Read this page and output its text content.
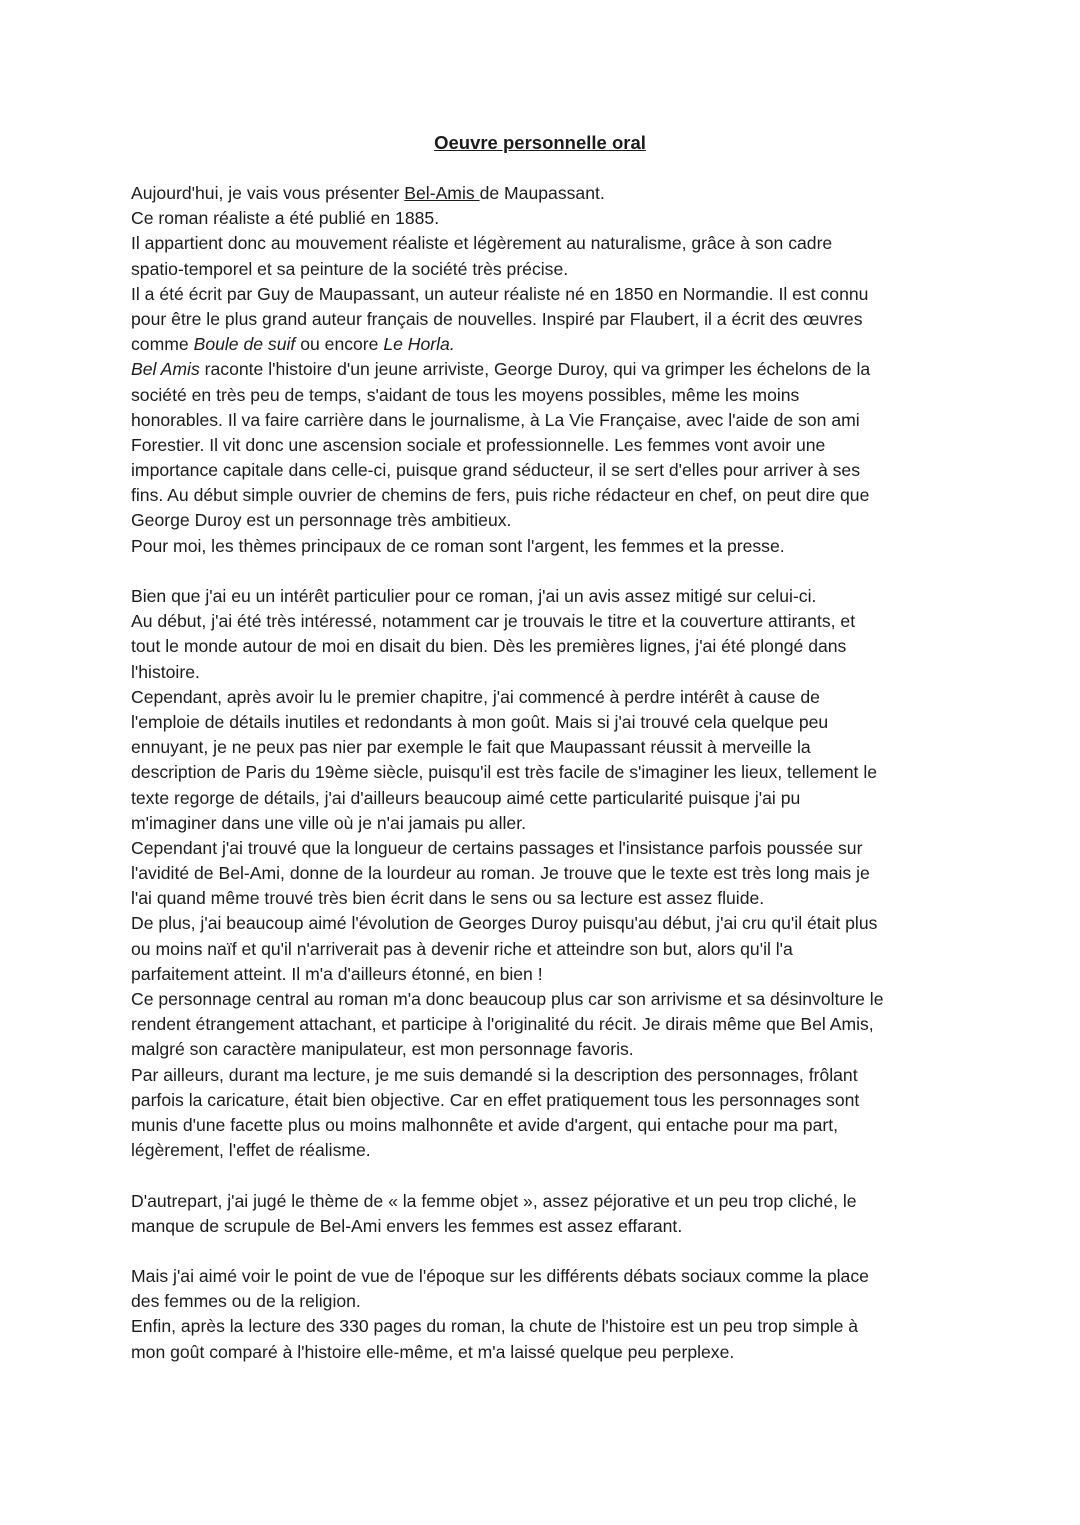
Oeuvre personnelle oral
Aujourd'hui, je vais vous présenter Bel-Amis de Maupassant.
Ce roman réaliste a été publié en 1885.
Il appartient donc au mouvement réaliste et légèrement au naturalisme, grâce à son cadre
spatio-temporel et sa peinture de la société très précise.
Il a été écrit par Guy de Maupassant, un auteur réaliste né en 1850 en Normandie. Il est connu
pour être le plus grand auteur français de nouvelles. Inspiré par Flaubert, il a écrit des œuvres
comme Boule de suif ou encore Le Horla.
Bel Amis raconte l'histoire d'un jeune arriviste, George Duroy, qui va grimper les échelons de la
société en très peu de temps, s'aidant de tous les moyens possibles, même les moins
honorables. Il va faire carrière dans le journalisme, à La Vie Française, avec l'aide de son ami
Forestier. Il vit donc une ascension sociale et professionnelle. Les femmes vont avoir une
importance capitale dans celle-ci, puisque grand séducteur, il se sert d'elles pour arriver à ses
fins. Au début simple ouvrier de chemins de fers, puis riche rédacteur en chef, on peut dire que
George Duroy est un personnage très ambitieux.
Pour moi, les thèmes principaux de ce roman sont l'argent, les femmes et la presse.
Bien que j'ai eu un intérêt particulier pour ce roman, j'ai un avis assez mitigé sur celui-ci.
Au début, j'ai été très intéressé, notamment car je trouvais le titre et la couverture attirants, et
tout le monde autour de moi en disait du bien. Dès les premières lignes, j'ai été plongé dans
l'histoire.
Cependant, après avoir lu le premier chapitre, j'ai commencé à perdre intérêt à cause de
l'emploie de détails inutiles et redondants à mon goût. Mais si j'ai trouvé cela quelque peu
ennuyant, je ne peux pas nier par exemple le fait que Maupassant réussit à merveille la
description de Paris du 19ème siècle, puisqu'il est très facile de s'imaginer les lieux, tellement le
texte regorge de détails, j'ai d'ailleurs beaucoup aimé cette particularité puisque j'ai pu
m'imaginer dans une ville où je n'ai jamais pu aller.
Cependant j'ai trouvé que la longueur de certains passages et l'insistance parfois poussée sur
l'avidité de Bel-Ami, donne de la lourdeur au roman. Je trouve que le texte est très long mais je
l'ai quand même trouvé très bien écrit dans le sens ou sa lecture est assez fluide.
De plus, j'ai beaucoup aimé l'évolution de Georges Duroy puisqu'au début, j'ai cru qu'il était plus
ou moins naïf et qu'il n'arriverait pas à devenir riche et atteindre son but, alors qu'il l'a
parfaitement atteint. Il m'a d'ailleurs étonné, en bien !
Ce personnage central au roman m'a donc beaucoup plus car son arrivisme et sa désinvolture le
rendent étrangement attachant, et participe à l'originalité du récit. Je dirais même que Bel Amis,
malgré son caractère manipulateur, est mon personnage favoris.
Par ailleurs, durant ma lecture, je me suis demandé si la description des personnages, frôlant
parfois la caricature, était bien objective. Car en effet pratiquement tous les personnages sont
munis d'une facette plus ou moins malhonnête et avide d'argent, qui entache pour ma part,
légèrement, l'effet de réalisme.
D'autrepart, j'ai jugé le thème de « la femme objet », assez péjorative et un peu trop cliché, le
manque de scrupule de Bel-Ami envers les femmes est assez effarant.
Mais j'ai aimé voir le point de vue de l'époque sur les différents débats sociaux comme la place
des femmes ou de la religion.
Enfin, après la lecture des 330 pages du roman, la chute de l'histoire est un peu trop simple à
mon goût comparé à l'histoire elle-même, et m'a laissé quelque peu perplexe.
